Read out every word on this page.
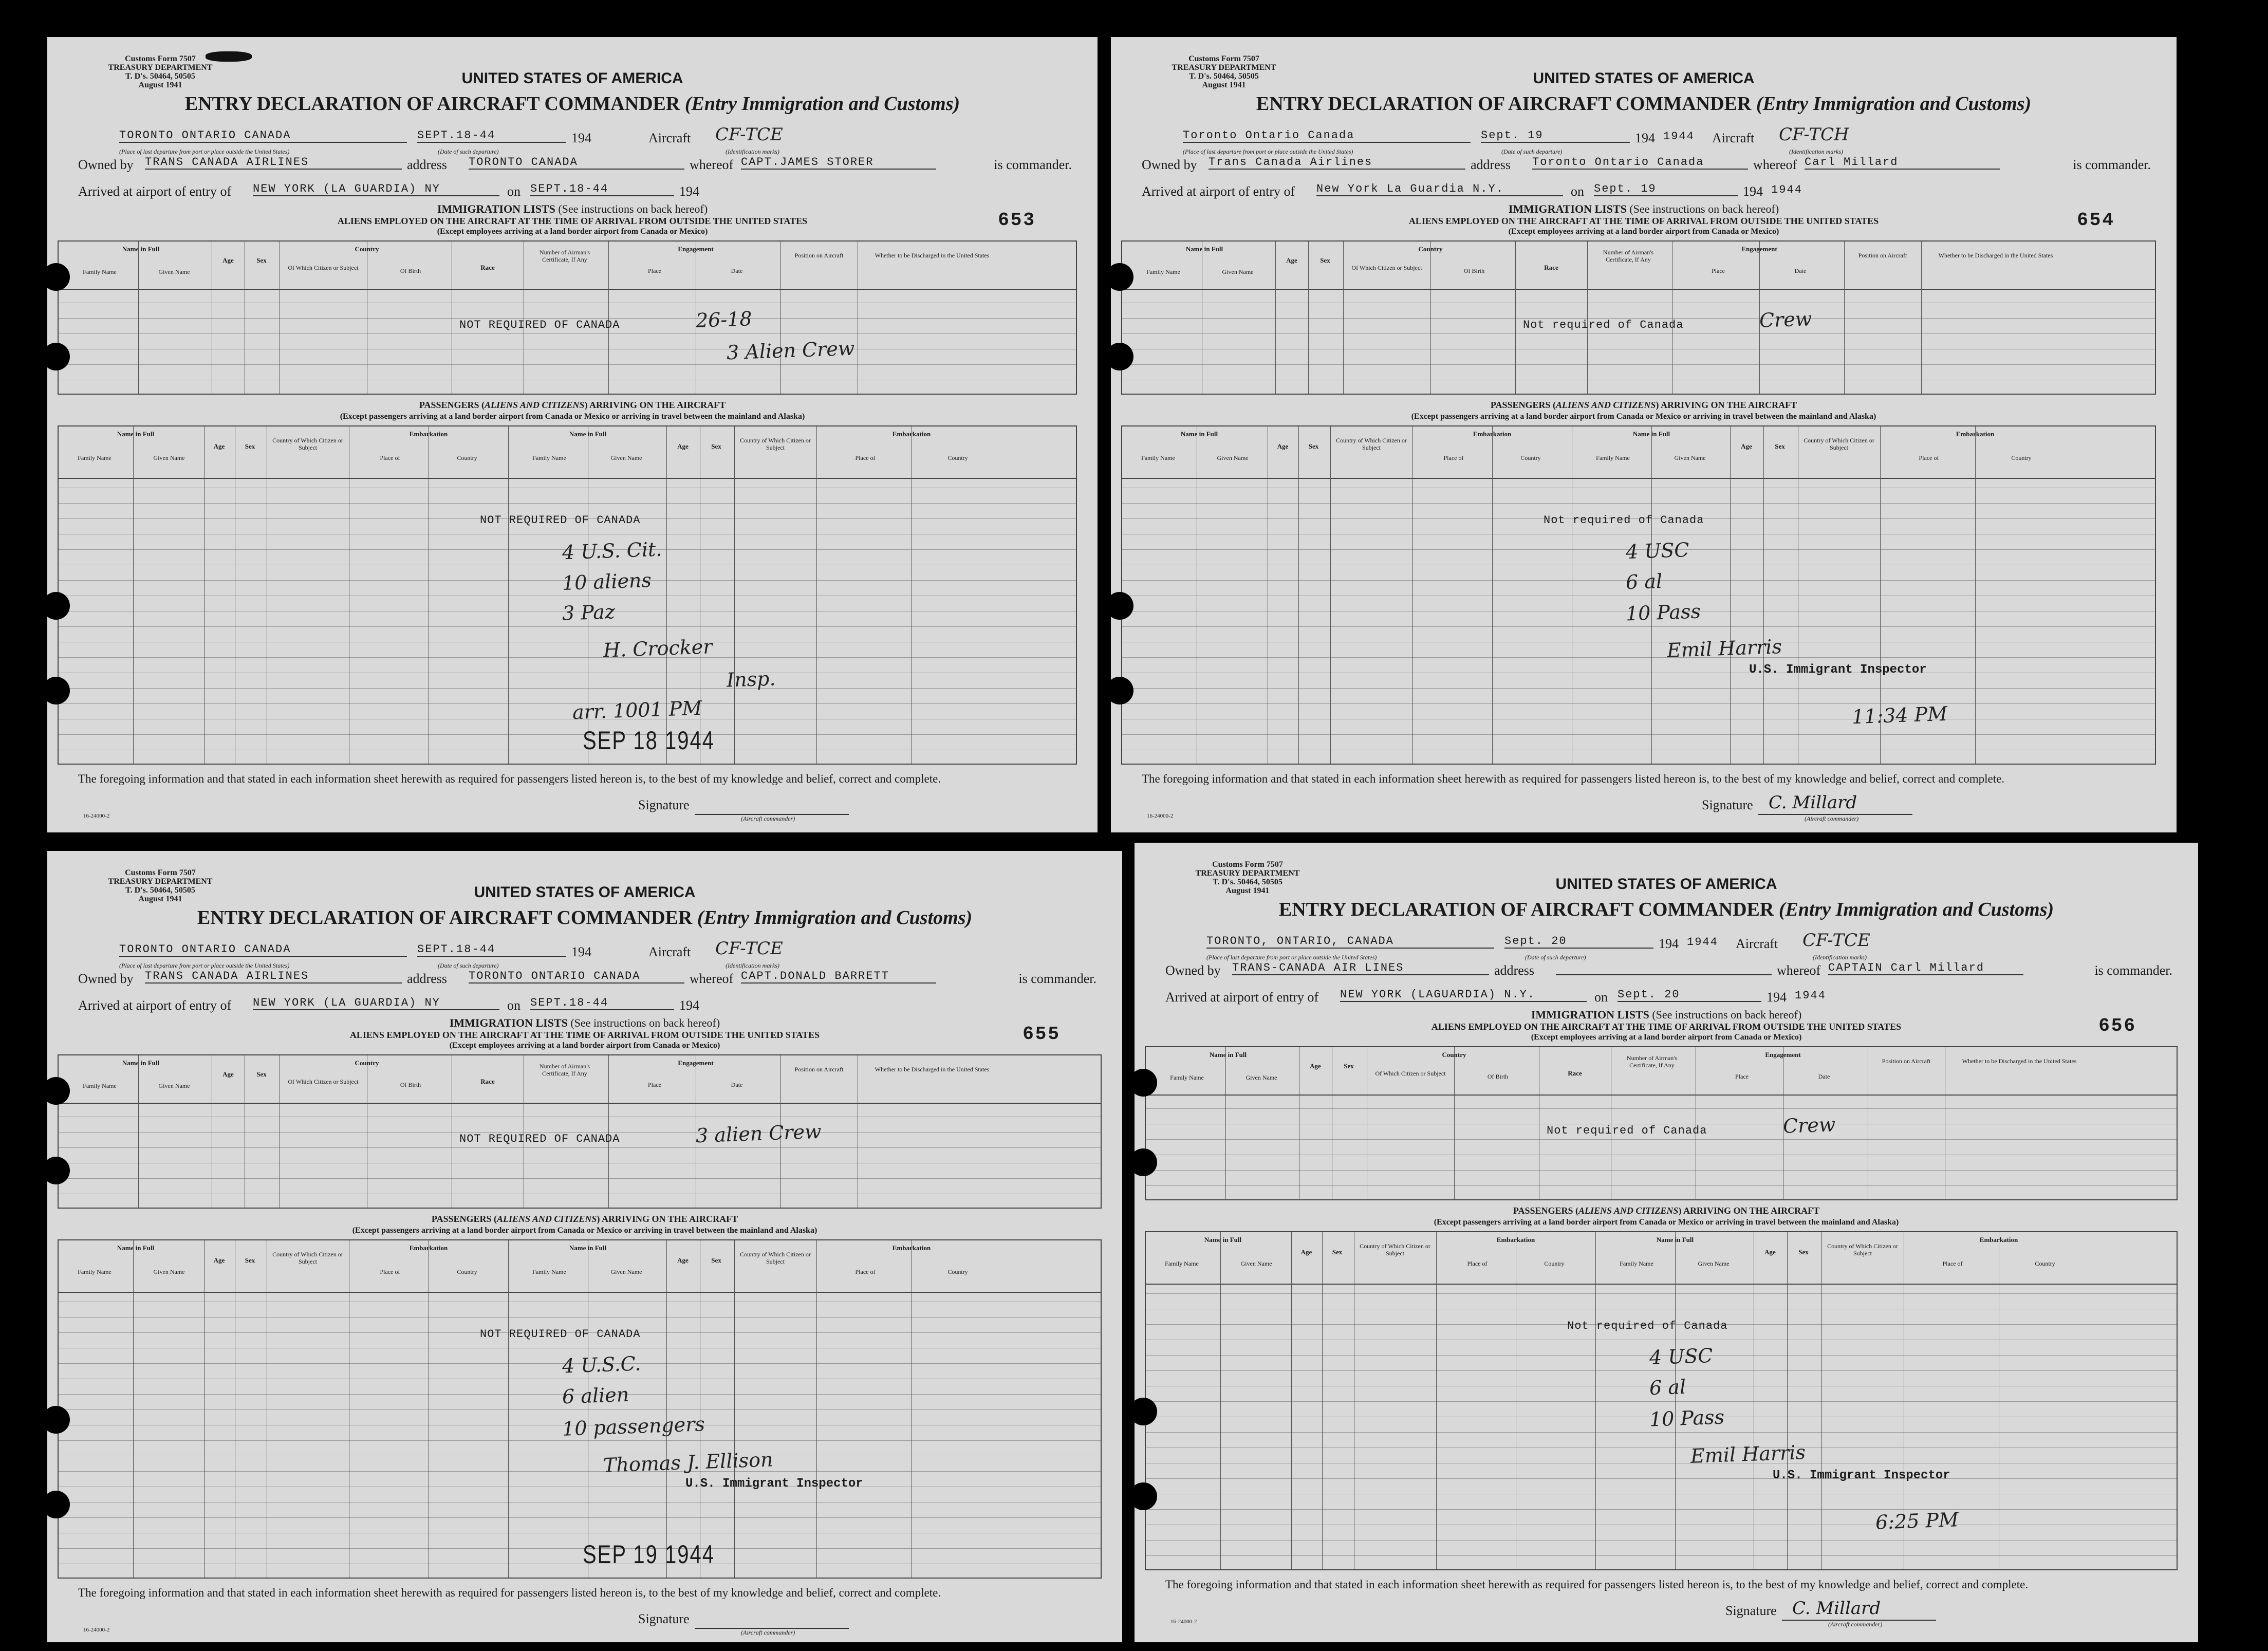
Customs Form 7507
TREASURY DEPARTMENT
T. D's. 50464, 50505
August 1941	UNITED STATES OF AMERICA
ENTRY DECLARATION OF AIRCRAFT COMMANDER (Entry Immigration and Customs)
TORONTO ONTARIO CANADA	SEPT.18-44	194	Aircraft CF-TCE
(Place of last departure from port or place outside the United States)	(Date of such departure)	(Identification marks)
Owned by TRANS CANADA AIRLINES	address TORONTO CANADA	whereof CAPT.JAMES STORER	is commander.
Arrived at airport of entry of NEW YORK (LA GUARDIA) NY	on SEPT.18-44	194
IMMIGRATION LISTS (See instructions on back hereof)
ALIENS EMPLOYED ON THE AIRCRAFT AT THE TIME OF ARRIVAL FROM OUTSIDE THE UNITED STATES
(Except employees arriving at a land border airport from Canada or Mexico)
653
Name in Full
Family Name	Given Name
Age	Sex
Country
Of Which Citizen or Subject	Of Birth	Race
Number of Airman's Certificate, If Any
Engagement
Place	Date
Position on Aircraft	Whether to be Discharged in the United States
NOT REQUIRED OF CANADA	26-18
3 Alien Crew
PASSENGERS (ALIENS AND CITIZENS) ARRIVING ON THE AIRCRAFT
(Except passengers arriving at a land border airport from Canada or Mexico or arriving in travel between the mainland and Alaska)
Name in Full
Family Name	Given Name
Age	Sex
Country of Which Citizen or Subject
Embarkation
Place of	Country
Name in Full
Family Name	Given Name
Age	Sex
Country of Which Citizen or Subject
Embarkation
Place of	Country
NOT REQUIRED OF CANADA
4 U.S. Cit.
10 aliens
3 Paz
H. Crocker
Insp.
arr. 1001 PM
SEP 18 1944
The foregoing information and that stated in each information sheet herewith as required for passengers listed hereon is, to the best of my knowledge and belief, correct and complete.
Signature
(Aircraft commander)
16-24000-2
Customs Form 7507
TREASURY DEPARTMENT
T. D's. 50464, 50505
August 1941	UNITED STATES OF AMERICA
ENTRY DECLARATION OF AIRCRAFT COMMANDER (Entry Immigration and Customs)
Toronto Ontario Canada	Sept. 19	194 1944 Aircraft CF-TCH
(Place of last departure from port or place outside the United States)	(Date of such departure)	(Identification marks)
Owned by Trans Canada Airlines	address Toronto Ontario Canada	whereof Carl Millard	is commander.
Arrived at airport of entry of New York La Guardia N.Y.	on Sept. 19	194 1944
IMMIGRATION LISTS (See instructions on back hereof)
ALIENS EMPLOYED ON THE AIRCRAFT AT THE TIME OF ARRIVAL FROM OUTSIDE THE UNITED STATES
(Except employees arriving at a land border airport from Canada or Mexico)
654
Name in Full
Family Name	Given Name
Age	Sex
Country
Of Which Citizen or Subject	Of Birth	Race
Number of Airman's Certificate, If Any
Engagement
Place	Date
Position on Aircraft	Whether to be Discharged in the United States
Not required of Canada	Crew
PASSENGERS (ALIENS AND CITIZENS) ARRIVING ON THE AIRCRAFT
(Except passengers arriving at a land border airport from Canada or Mexico or arriving in travel between the mainland and Alaska)
Name in Full
Family Name	Given Name
Age	Sex
Country of Which Citizen or Subject
Embarkation
Place of	Country
Name in Full
Family Name	Given Name
Age	Sex
Country of Which Citizen or Subject
Embarkation
Place of	Country
Not required of Canada
4 USC
6 al
10 Pass
Emil Harris
U.S. Immigrant Inspector
11:34 PM
The foregoing information and that stated in each information sheet herewith as required for passengers listed hereon is, to the best of my knowledge and belief, correct and complete.
Signature C. Millard
(Aircraft commander)
16-24000-2
Customs Form 7507
TREASURY DEPARTMENT
T. D's. 50464, 50505
August 1941	UNITED STATES OF AMERICA
ENTRY DECLARATION OF AIRCRAFT COMMANDER (Entry Immigration and Customs)
TORONTO ONTARIO CANADA	SEPT.18-44	194	Aircraft CF-TCE
(Place of last departure from port or place outside the United States)	(Date of such departure)	(Identification marks)
Owned by TRANS CANADA AIRLINES	address TORONTO ONTARIO CANADA	whereof CAPT.DONALD BARRETT	is commander.
Arrived at airport of entry of NEW YORK (LA GUARDIA) NY	on SEPT.18-44	194
IMMIGRATION LISTS (See instructions on back hereof)
ALIENS EMPLOYED ON THE AIRCRAFT AT THE TIME OF ARRIVAL FROM OUTSIDE THE UNITED STATES
(Except employees arriving at a land border airport from Canada or Mexico)
655
Name in Full
Family Name	Given Name
Age	Sex
Country
Of Which Citizen or Subject	Of Birth	Race
Number of Airman's Certificate, If Any
Engagement
Place	Date
Position on Aircraft	Whether to be Discharged in the United States
NOT REQUIRED OF CANADA	3 alien Crew
PASSENGERS (ALIENS AND CITIZENS) ARRIVING ON THE AIRCRAFT
(Except passengers arriving at a land border airport from Canada or Mexico or arriving in travel between the mainland and Alaska)
Name in Full
Family Name	Given Name
Age	Sex
Country of Which Citizen or Subject
Embarkation
Place of	Country
Name in Full
Family Name	Given Name
Age	Sex
Country of Which Citizen or Subject
Embarkation
Place of	Country
NOT REQUIRED OF CANADA
4 U.S.C.
6 alien
10 passengers
Thomas J. Ellison
SEP 19 1944
U.S. Immigrant Inspector
The foregoing information and that stated in each information sheet herewith as required for passengers listed hereon is, to the best of my knowledge and belief, correct and complete.
Signature
(Aircraft commander)
16-24000-2
Customs Form 7507
TREASURY DEPARTMENT
T. D's. 50464, 50505
August 1941	UNITED STATES OF AMERICA
ENTRY DECLARATION OF AIRCRAFT COMMANDER (Entry Immigration and Customs)
TORONTO, ONTARIO, CANADA	Sept. 20	194 1944 Aircraft CF-TCE
(Place of last departure from port or place outside the United States)	(Date of such departure)	(Identification marks)
Owned by TRANS-CANADA AIR LINES	address	whereof CAPTAIN Carl Millard	is commander.
Arrived at airport of entry of NEW YORK (LAGUARDIA) N.Y.	on Sept. 20	194 1944
IMMIGRATION LISTS (See instructions on back hereof)
ALIENS EMPLOYED ON THE AIRCRAFT AT THE TIME OF ARRIVAL FROM OUTSIDE THE UNITED STATES
(Except employees arriving at a land border airport from Canada or Mexico)
656
Name in Full
Family Name	Given Name
Age	Sex
Country
Of Which Citizen or Subject	Of Birth	Race
Number of Airman's Certificate, If Any
Engagement
Place	Date
Position on Aircraft	Whether to be Discharged in the United States
Not required of Canada	Crew
PASSENGERS (ALIENS AND CITIZENS) ARRIVING ON THE AIRCRAFT
(Except passengers arriving at a land border airport from Canada or Mexico or arriving in travel between the mainland and Alaska)
Name in Full
Family Name	Given Name
Age	Sex
Country of Which Citizen or Subject
Embarkation
Place of	Country
Name in Full
Family Name	Given Name
Age	Sex
Country of Which Citizen or Subject
Embarkation
Place of	Country
Not required of Canada
4 USC
6 al
10 Pass
Emil Harris
U.S. Immigrant Inspector
6:25 PM
The foregoing information and that stated in each information sheet herewith as required for passengers listed hereon is, to the best of my knowledge and belief, correct and complete.
Signature C. Millard
(Aircraft commander)
16-24000-2
